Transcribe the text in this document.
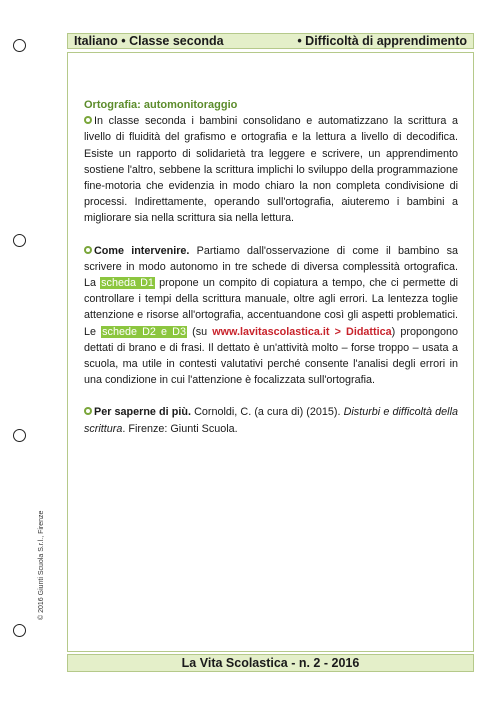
Italiano • Classe seconda	• Difficoltà di apprendimento
Ortografia: automonitoraggio

In classe seconda i bambini consolidano e automatizzano la scrittura a livello di fluidità del grafismo e ortografia e la lettura a livello di decodifica. Esiste un rapporto di solidarietà tra leggere e scrivere, un apprendimento sostiene l'altro, sebbene la scrittura implichi lo sviluppo della programmazione fine-motoria che evidenzia in modo chiaro la non completa condivisione di processi. Indirettamente, operando sull'ortografia, aiuteremo i bambini a migliorare sia nella scrittura sia nella lettura.

Come intervenire. Partiamo dall'osservazione di come il bambino sa scrivere in modo autonomo in tre schede di diversa complessità ortografica. La scheda D1 propone un compito di copiatura a tempo, che ci permette di controllare i tempi della scrittura manuale, oltre agli errori. La lentezza toglie attenzione e risorse all'ortografia, accentuandone così gli aspetti problematici. Le schede D2 e D3 (su www.lavitascolastica.it > Didattica) propongono dettati di brano e di frasi. Il dettato è un'attività molto – forse troppo – usata a scuola, ma utile in contesti valutativi perché consente l'analisi degli errori in una condizione in cui l'attenzione è focalizzata sull'ortografia.

Per saperne di più. Cornoldi, C. (a cura di) (2015). Disturbi e difficoltà della scrittura. Firenze: Giunti Scuola.

© 2016 Giunti Scuola S.r.l., Firenze
La Vita Scolastica - n. 2 - 2016
